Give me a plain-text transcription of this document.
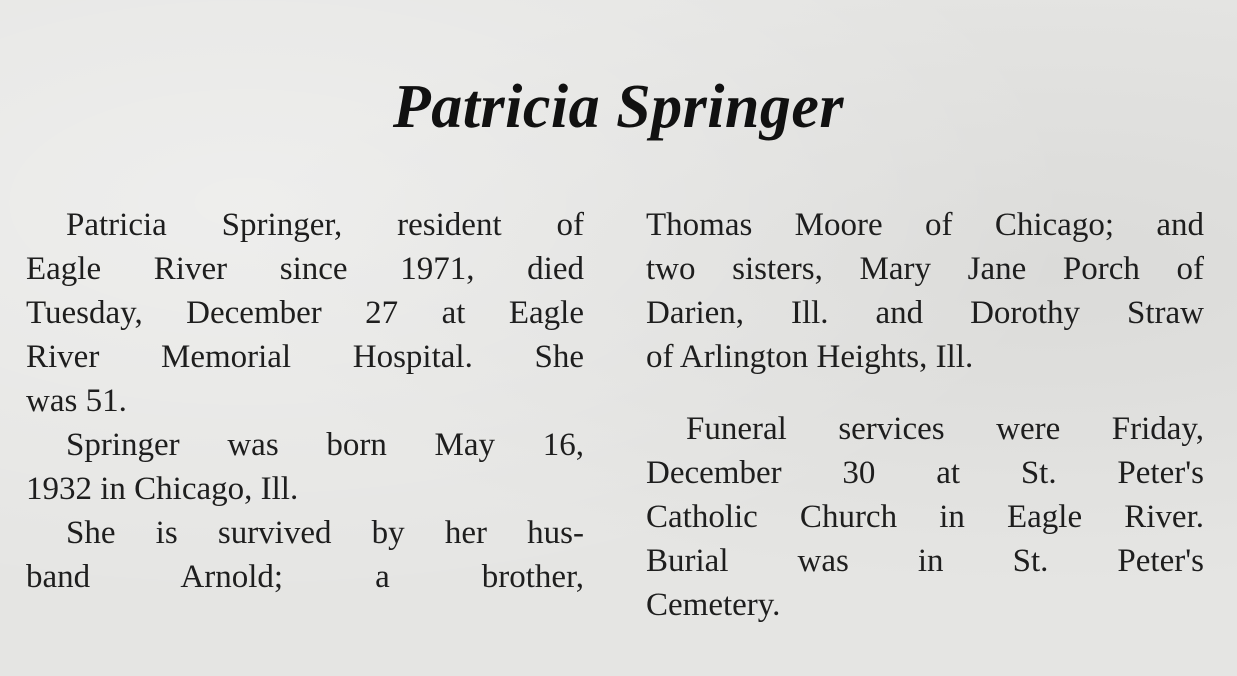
Patricia Springer
Patricia Springer, resident of
Eagle River since 1971, died
Tuesday, December 27 at Eagle
River Memorial Hospital. She
was 51.
Springer was born May 16,
1932 in Chicago, Ill.
She is survived by her hus-
band Arnold; a brother,
Thomas Moore of Chicago; and
two sisters, Mary Jane Porch of
Darien, Ill. and Dorothy Straw
of Arlington Heights, Ill.
Funeral services were Friday,
December 30 at St. Peter's
Catholic Church in Eagle River.
Burial was in St. Peter's
Cemetery.
